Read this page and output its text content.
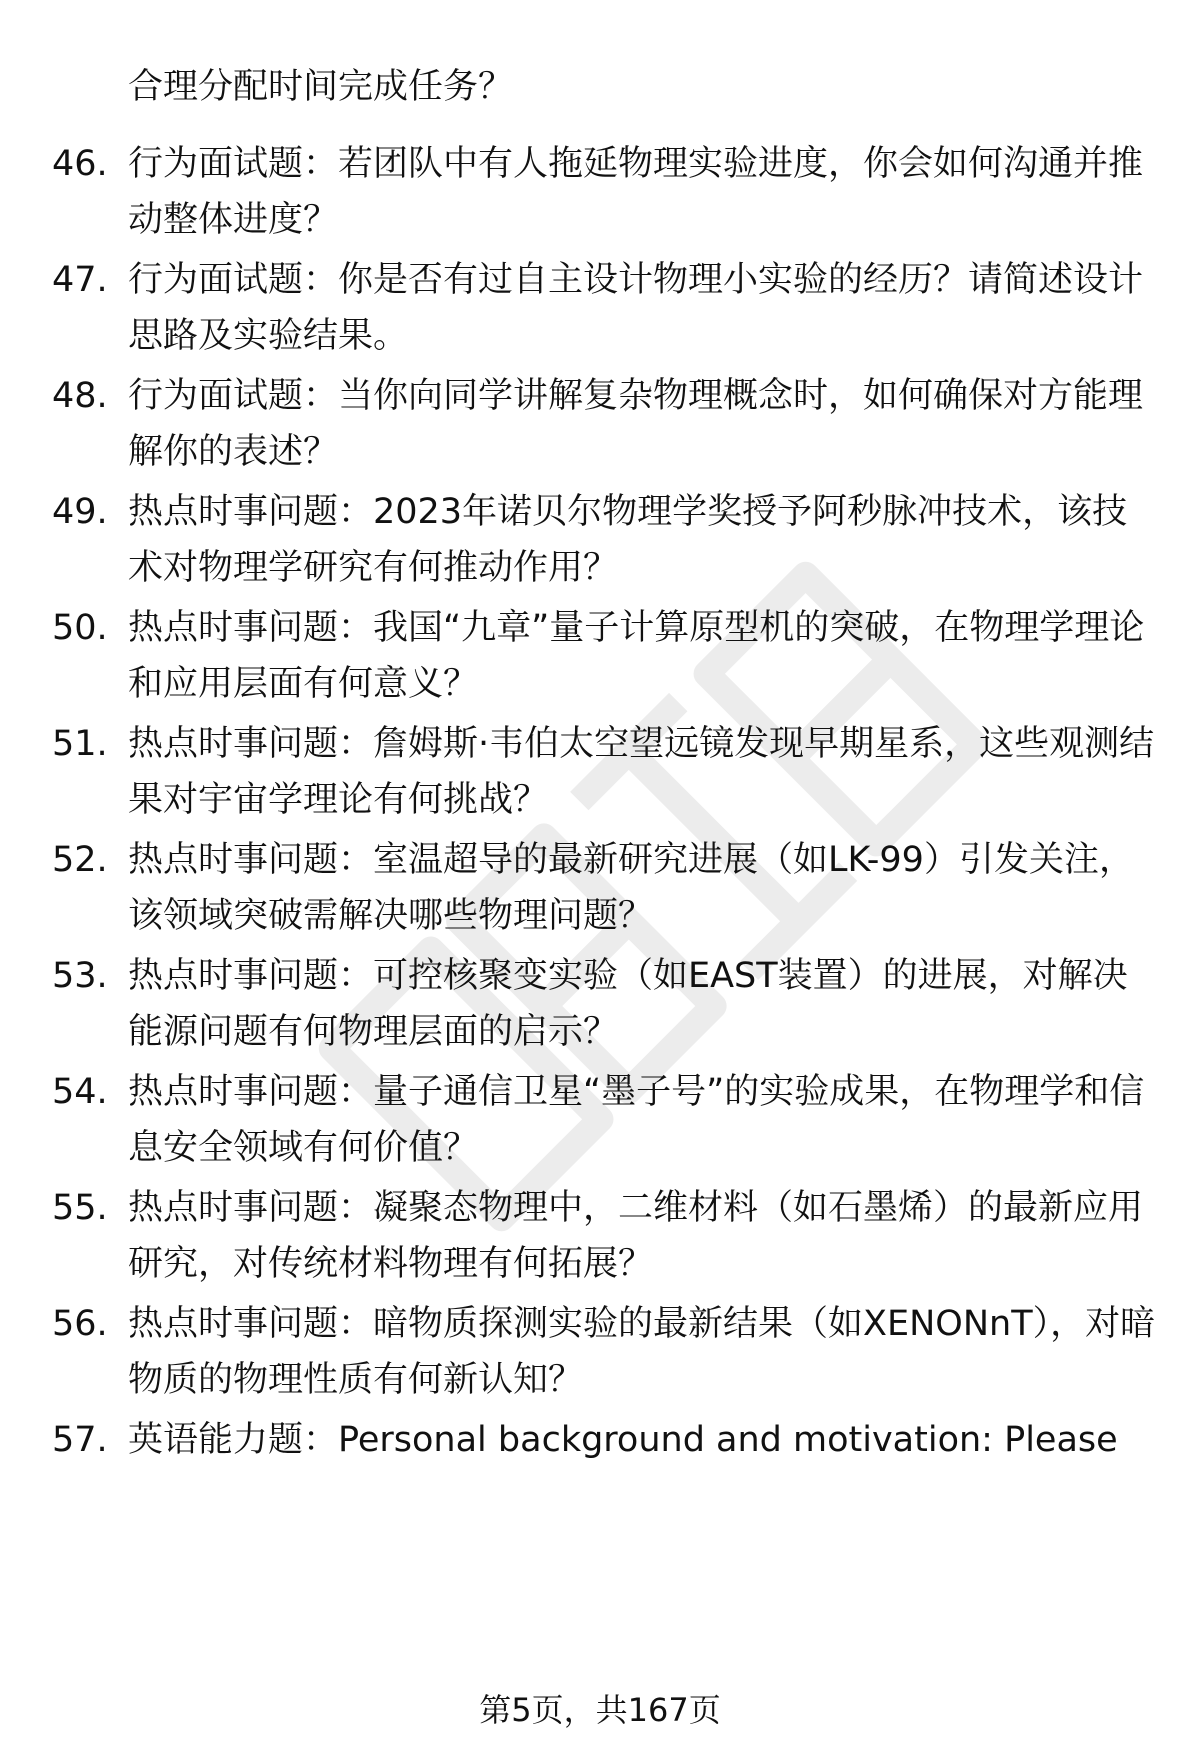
合理分配时间完成任务？
46. 行为面试题：若团队中有人拖延物理实验进度，你会如何沟通并推动整体进度？
47. 行为面试题：你是否有过自主设计物理小实验的经历？请简述设计思路及实验结果。
48. 行为面试题：当你向同学讲解复杂物理概念时，如何确保对方能理解你的表述？
49. 热点时事问题：2023年诺贝尔物理学奖授予阿秒脉冲技术，该技术对物理学研究有何推动作用？
50. 热点时事问题：我国“九章”量子计算原型机的突破，在物理学理论和应用层面有何意义？
51. 热点时事问题：詹姆斯·韦伯太空望远镜发现早期星系，这些观测结果对宇宙学理论有何挑战？
52. 热点时事问题：室温超导的最新研究进展（如LK-99）引发关注，该领域突破需解决哪些物理问题？
53. 热点时事问题：可控核聚变实验（如EAST装置）的进展，对解决能源问题有何物理层面的启示？
54. 热点时事问题：量子通信卫星“墨子号”的实验成果，在物理学和信息安全领域有何价值？
55. 热点时事问题：凝聚态物理中，二维材料（如石墨烯）的最新应用研究，对传统材料物理有何拓展？
56. 热点时事问题：暗物质探测实验的最新结果（如XENONnT），对暗物质的物理性质有何新认知？
57. 英语能力题：Personal background and motivation: Please
第5页，共167页
